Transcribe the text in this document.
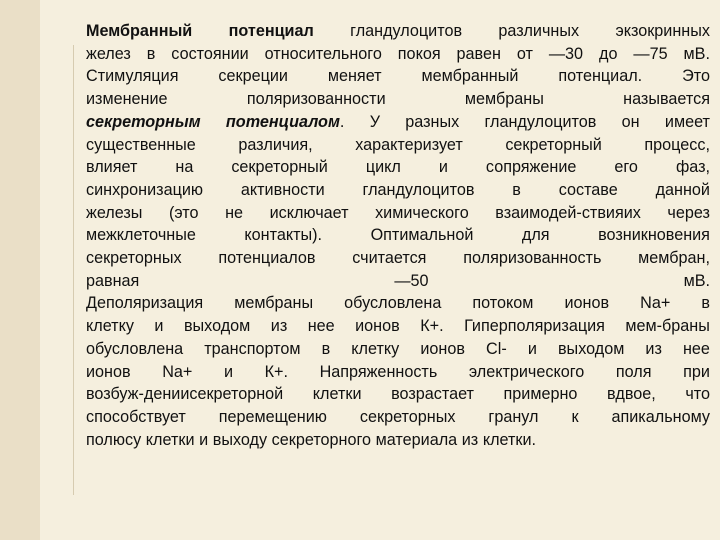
Мембранный потенциал гландулоцитов различных экзокринных
желез в состоянии относительного покоя равен от —30 до —75 мВ.
Стимуляция секреции меняет мембранный потенциал. Это
изменение	поляризованности	мембраны	называется
секреторным потенциалом. У разных гландулоцитов он имеет
существенные	различия,	характеризует	секреторный	процесс,
влияет на секреторный цикл и сопряжение его фаз,
синхронизацию активности гландулоцитов в составе данной
железы (это не исключает химического взаимодей-ствияих через
межклеточные	контакты).	Оптимальной	для	возникновения
секреторных потенциалов считается поляризованность мембран,
равная	—50	мВ.
Деполяризация мембраны обусловлена потоком ионов Na+ в
клетку и выходом из нее ионов К+. Гиперполяризация мем-браны
обусловлена транспортом в клетку ионов Cl- и выходом из нее
ионов Na+ и К+. Напряженность электрического поля при
возбуж-дениисекреторной клетки возрастает примерно вдвое, что
способствует перемещению секреторных гранул к апикальному
полюсу клетки и выходу секреторного материала из клетки.
